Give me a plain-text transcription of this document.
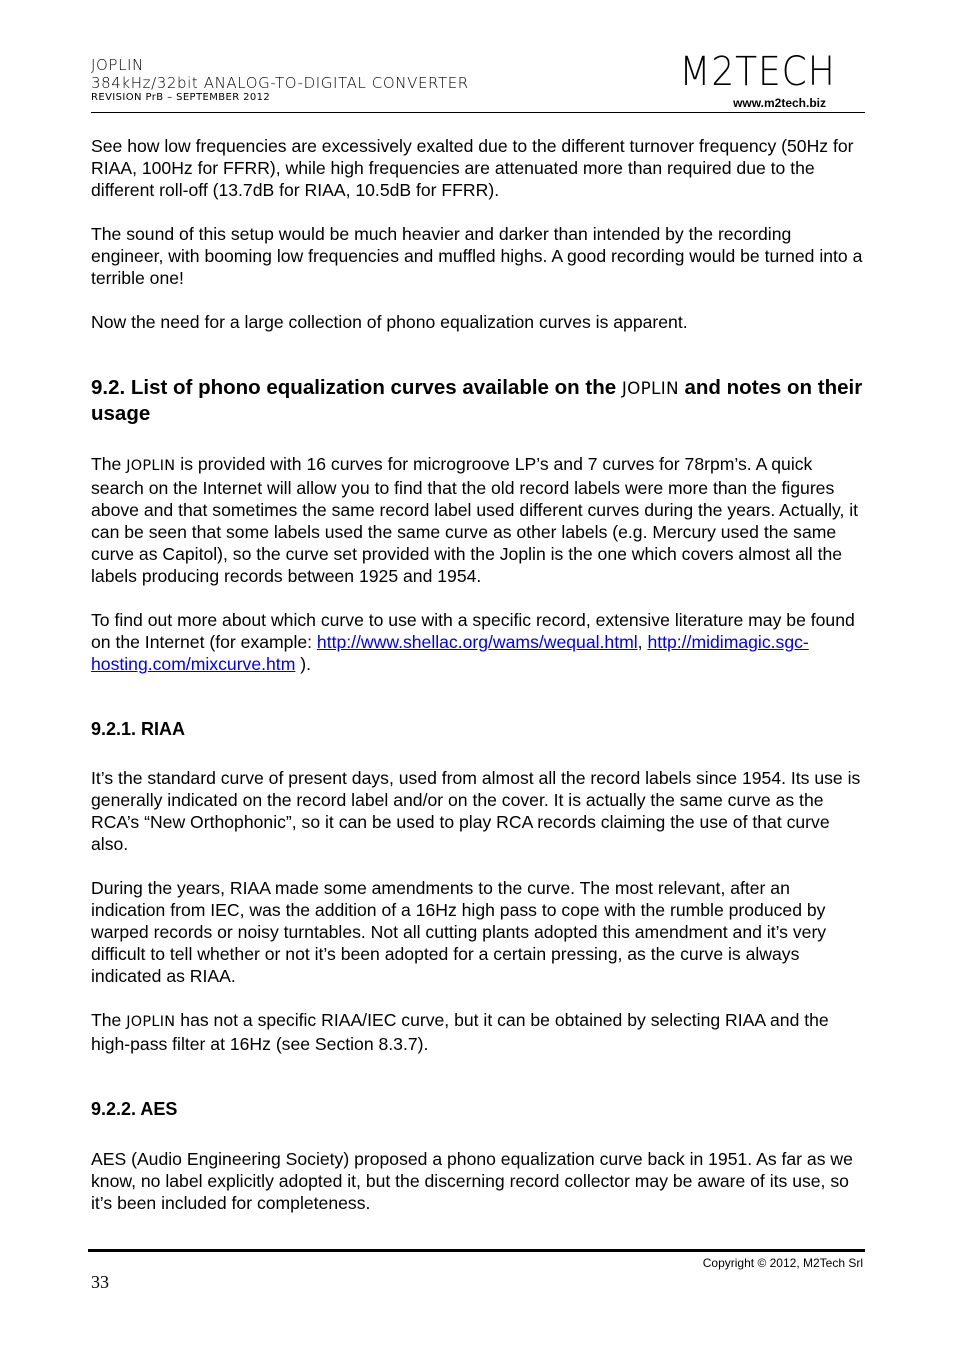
JOPLIN
384kHz/32bit ANALOG-TO-DIGITAL CONVERTER
REVISION PrB – SEPTEMBER 2012
M2TECH
www.m2tech.biz

See how low frequencies are excessively exalted due to the different turnover frequency (50Hz for RIAA, 100Hz for FFRR), while high frequencies are attenuated more than required due to the different roll-off (13.7dB for RIAA, 10.5dB for FFRR).

The sound of this setup would be much heavier and darker than intended by the recording engineer, with booming low frequencies and muffled highs. A good recording would be turned into a terrible one!

Now the need for a large collection of phono equalization curves is apparent.

9.2. List of phono equalization curves available on the JOPLIN and notes on their usage

The JOPLIN is provided with 16 curves for microgroove LP’s and 7 curves for 78rpm’s. A quick search on the Internet will allow you to find that the old record labels were more than the figures above and that sometimes the same record label used different curves during the years. Actually, it can be seen that some labels used the same curve as other labels (e.g. Mercury used the same curve as Capitol), so the curve set provided with the Joplin is the one which covers almost all the labels producing records between 1925 and 1954.

To find out more about which curve to use with a specific record, extensive literature may be found on the Internet (for example: http://www.shellac.org/wams/wequal.html, http://midimagic.sgc-hosting.com/mixcurve.htm ).

9.2.1. RIAA

It’s the standard curve of present days, used from almost all the record labels since 1954. Its use is generally indicated on the record label and/or on the cover. It is actually the same curve as the RCA’s “New Orthophonic”, so it can be used to play RCA records claiming the use of that curve also.

During the years, RIAA made some amendments to the curve. The most relevant, after an indication from IEC, was the addition of a 16Hz high pass to cope with the rumble produced by warped records or noisy turntables. Not all cutting plants adopted this amendment and it’s very difficult to tell whether or not it’s been adopted for a certain pressing, as the curve is always indicated as RIAA.

The JOPLIN has not a specific RIAA/IEC curve, but it can be obtained by selecting RIAA and the high-pass filter at 16Hz (see Section 8.3.7).

9.2.2. AES

AES (Audio Engineering Society) proposed a phono equalization curve back in 1951. As far as we know, no label explicitly adopted it, but the discerning record collector may be aware of its use, so it’s been included for completeness.

Copyright © 2012, M2Tech Srl
33
